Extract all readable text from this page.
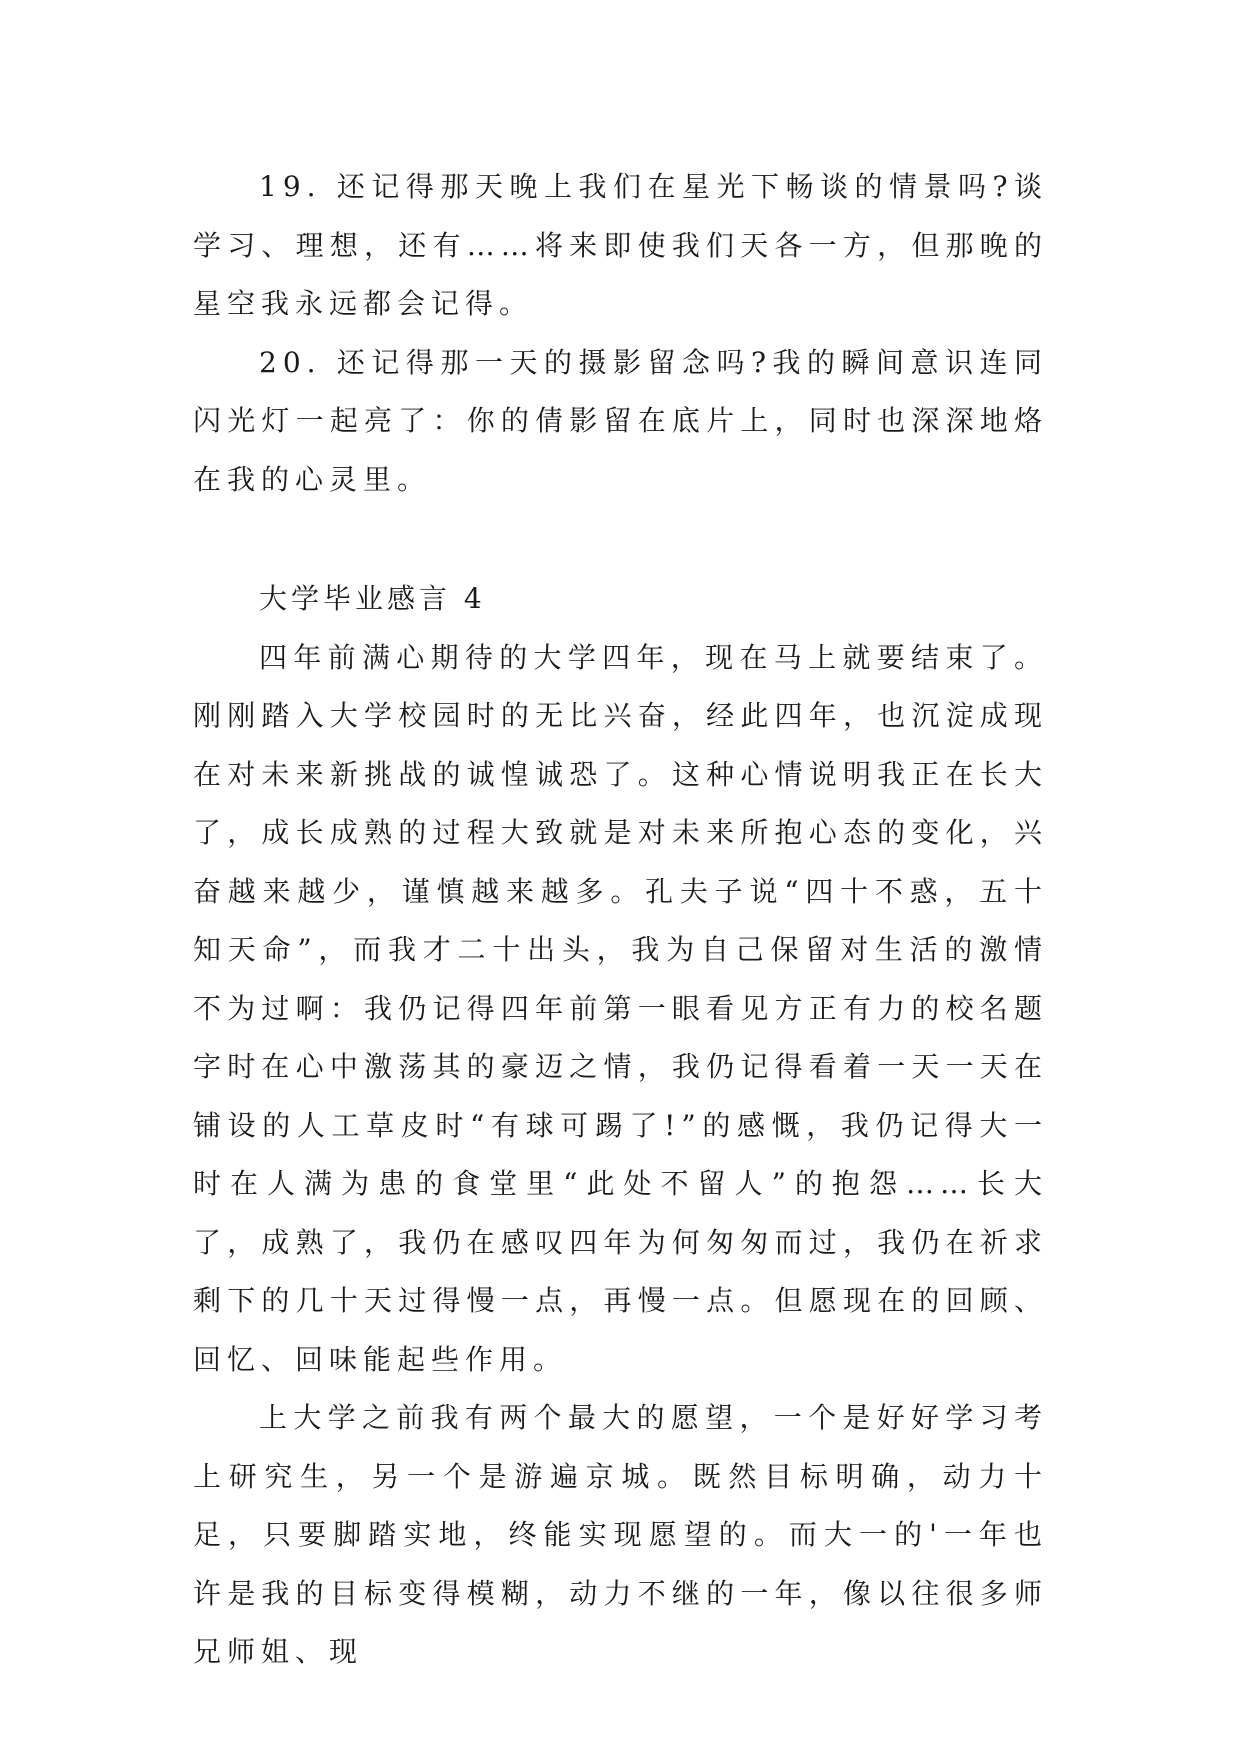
19. 还记得那天晚上我们在星光下畅谈的情景吗?谈学习、理想，还有……将来即使我们天各一方，但那晚的星空我永远都会记得。

20. 还记得那一天的摄影留念吗?我的瞬间意识连同闪光灯一起亮了：你的倩影留在底片上，同时也深深地烙在我的心灵里。

大学毕业感言 4

四年前满心期待的大学四年，现在马上就要结束了。刚刚踏入大学校园时的无比兴奋，经此四年，也沉淀成现在对未来新挑战的诚惶诚恐了。这种心情说明我正在长大了，成长成熟的过程大致就是对未来所抱心态的变化，兴奋越来越少，谨慎越来越多。孔夫子说“四十不惑，五十知天命”，而我才二十出头，我为自己保留对生活的激情不为过啊：我仍记得四年前第一眼看见方正有力的校名题字时在心中激荡其的豪迈之情，我仍记得看着一天一天在铺设的人工草皮时“有球可踢了!”的感慨，我仍记得大一时在人满为患的食堂里“此处不留人”的抱怨……长大了，成熟了，我仍在感叹四年为何匆匆而过，我仍在祈求剩下的几十天过得慢一点，再慢一点。但愿现在的回顾、回忆、回味能起些作用。

上大学之前我有两个最大的愿望，一个是好好学习考上研究生，另一个是游遍京城。既然目标明确，动力十足，只要脚踏实地，终能实现愿望的。而大一的'一年也许是我的目标变得模糊，动力不继的一年，像以往很多师兄师姐、现
